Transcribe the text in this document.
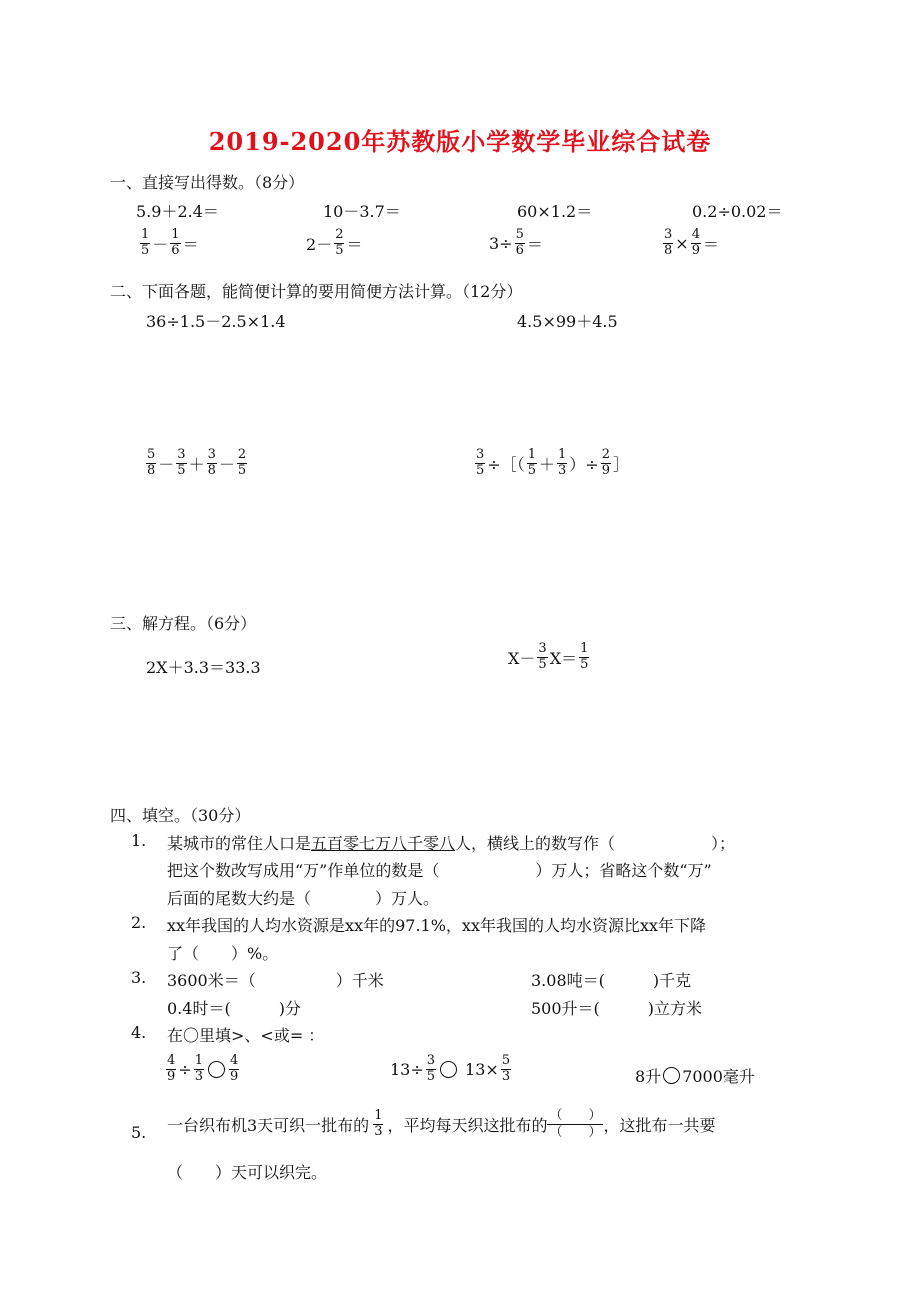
2019-2020年苏教版小学数学毕业综合试卷
一、直接写出得数。（8分）
5.9＋2.4＝	10－3.7＝	60×1.2＝	0.2÷0.02＝
$\frac{1}{5} - \frac{1}{6}$ ＝	$2- \frac{2}{5}$ ＝	$3\div \frac{5}{6}$ ＝	$\frac{3}{8} \times \frac{4}{9}$ ＝
二、下面各题，能简便计算的要用简便方法计算。（12分）
36÷1.5－2.5×1.4	4.5×99＋4.5
$\frac{5}{8} - \frac{3}{5} + \frac{3}{8} - \frac{2}{5}$	$\frac{3}{5}$ ÷［（ $\frac{1}{5} + \frac{1}{3}$ ）÷ $\frac{2}{9}$ ］
三、解方程。（6分）
2X＋3.3＝33.3	$X- \frac{3}{5} X= \frac{1}{5}$
四、填空。（30分）
1. 某城市的常住人口是五百零七万八千零八人，横线上的数写作（　　　　　　）；
把这个数改写成用“万”作单位的数是（　　　　　　）万人；省略这个数“万”
后面的尾数大约是（　　　　）万人。
2. xx年我国的人均水资源是xx年的97.1%，xx年我国的人均水资源比xx年下降
了（　　）%。
3. 3600米＝（　　　　　）千米	3.08吨＝(　　　)千克
0.4时＝(　　　)分	500升＝(　　　)立方米
4. 在〇里填>、<或= ：
$\frac{4}{9} \div \frac{1}{3} \frac{4}{9}$	$13\div \frac{3}{5} 13\times \frac{5}{3}$	8升 7000毫升
5. 一台织布机3天可织一批布的 $\frac{1}{3}$ ，平均每天织这批布的
（　　）
（　　） ，这批布一共要
（　　）天可以织完。
